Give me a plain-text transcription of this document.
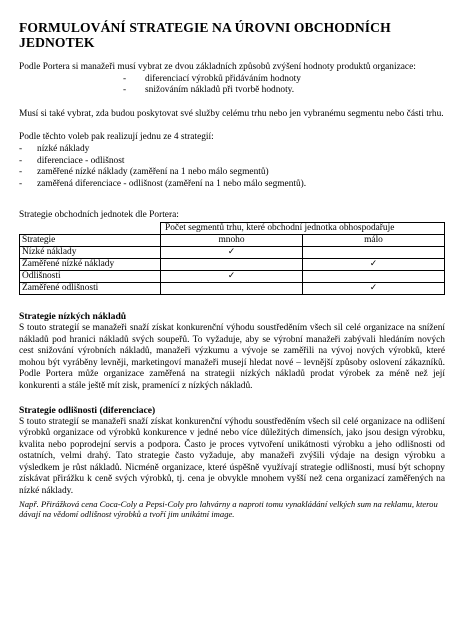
FORMULOVÁNÍ STRATEGIE NA ÚROVNI OBCHODNÍCH JEDNOTEK

Podle Portera si manažeři musí vybrat ze dvou základních způsobů zvýšení hodnoty produktů organizace:

- diferenciací výrobků přidáváním hodnoty
- snižováním nákladů při tvorbě hodnoty.

Musí si také vybrat, zda budou poskytovat své služby celému trhu nebo jen vybranému segmentu nebo části trhu.

Podle těchto voleb pak realizují jednu ze 4 strategií:

- nízké náklady
- diferenciace - odlišnost
- zaměřené nízké náklady (zaměření na 1 nebo málo segmentů)
- zaměřená diferenciace - odlišnost (zaměření na 1 nebo málo segmentů).

Strategie obchodních jednotek dle Portera:

	Počet segmentů trhu, které obchodní jednotka obhospodařuje	
Strategie	mnoho	málo
Nízké náklady	✓	
Zaměřené nízké náklady		✓
Odlišnosti	✓	
Zaměřené odlišnosti		✓
Strategie nízkých nákladů

S touto strategií se manažeři snaží získat konkurenční výhodu soustředěním všech sil celé organizace na snížení nákladů pod hranici nákladů svých soupeřů. To vyžaduje, aby se výrobní manažeři zabývali hledáním nových cest snižování výrobních nákladů, manažeři výzkumu a vývoje se zaměřili na vývoj nových výrobků, které mohou být vyráběny levněji, marketingoví manažeři musejí hledat nové – levnější způsoby oslovení zákazníků. Podle Portera může organizace zaměřená na strategii nízkých nákladů prodat výrobek za méně než její konkurenti a stále ještě mít zisk, pramenící z nízkých nákladů.

Strategie odlišnosti (diferenciace)

S touto strategií se manažeři snaží získat konkurenční výhodu soustředěním všech sil celé organizace na odlišení výrobků organizace od výrobků konkurence v jedné nebo více důležitých dimensích, jako jsou design výrobku, kvalita nebo poprodejní servis a podpora. Často je proces vytvoření unikátnosti výrobku a jeho odlišnosti od ostatních, velmi drahý. Tato strategie často vyžaduje, aby manažeři zvýšili výdaje na design výrobku a výsledkem je růst nákladů. Nicméně organizace, které úspěšně využívají strategie odlišnosti, musí být schopny získávat přirážku k ceně svých výrobků, tj. cena je obvykle mnohem vyšší než cena organizací zaměřených na nízké náklady.

Např. Přirážková cena Coca-Coly a Pepsi-Coly pro lahvárny a naproti tomu vynakládání velkých sum na reklamu, kterou dávají na vědomí odlišnost výrobků a tvoří jim unikátní image.
